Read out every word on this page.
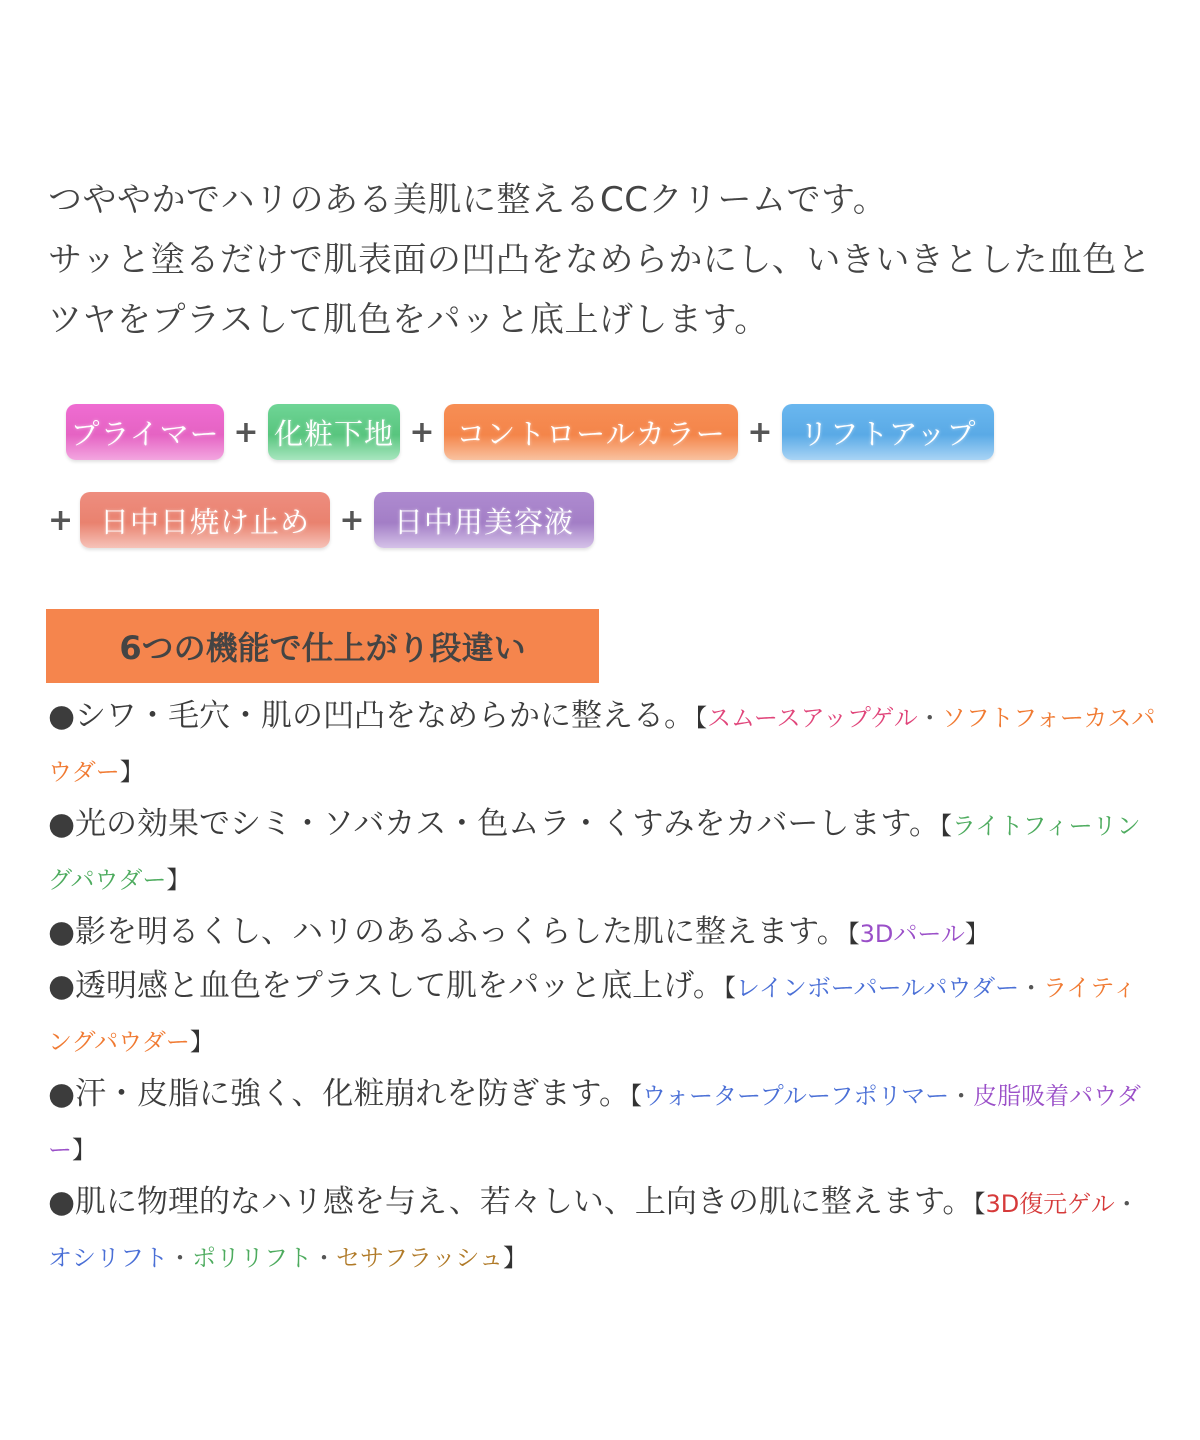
つややかでハリのある美肌に整えるCCクリームです。

サッと塗るだけで肌表面の凹凸をなめらかにし、いきいきとした血色と

ツヤをプラスして肌色をパッと底上げします。

プライマー + 化粧下地 + コントロールカラー + リフトアップ
+ 日中日焼け止め +	日中用美容液
6つの機能で仕上がり段違い
●シワ・毛穴・肌の凹凸をなめらかに整える。【スムースアップゲル・ソフトフォーカスパウダー】
●光の効果でシミ・ソバカス・色ムラ・くすみをカバーします。【ライトフィーリングパウダー】
●影を明るくし、ハリのあるふっくらした肌に整えます。【3Dパール】
●透明感と血色をプラスして肌をパッと底上げ。【レインボーパールパウダー・ライティングパウダー】
●汗・皮脂に強く、化粧崩れを防ぎます。【ウォータープルーフポリマー・皮脂吸着パウダー】
●肌に物理的なハリ感を与え、若々しい、上向きの肌に整えます。【3D復元ゲル・オシリフト・ポリリフト・セサフラッシュ】
